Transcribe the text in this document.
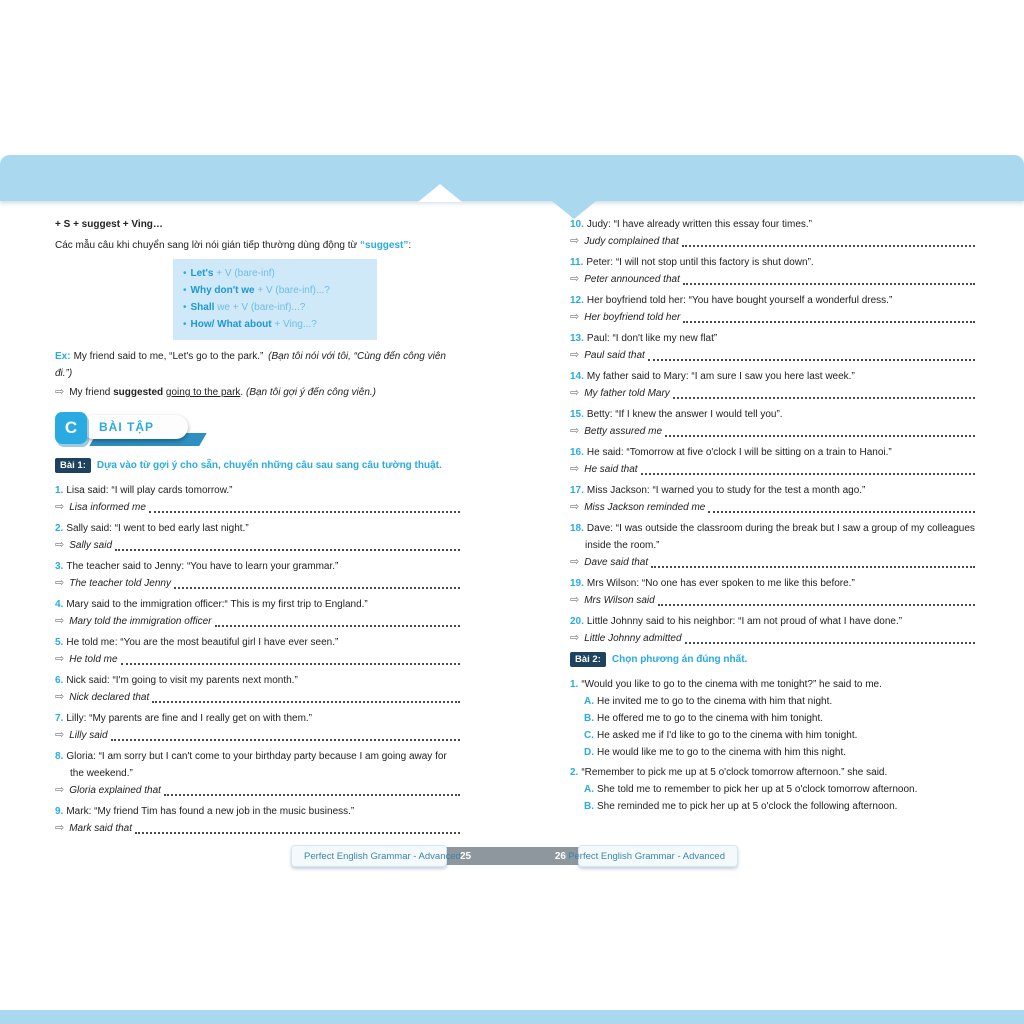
+ S + suggest + Ving…
Các mẫu câu khi chuyển sang lời nói gián tiếp thường dùng động từ “suggest”:
• Let's + V (bare-inf)
• Why don't we + V (bare-inf)...?
• Shall we + V (bare-inf)...?
• How/ What about + Ving...?
Ex: My friend said to me, “Let's go to the park.” (Bạn tôi nói với tôi, “Cùng đến công viên đi.”)
⇨ My friend suggested going to the park. (Bạn tôi gợi ý đến công viên.)
BÀI TẬP
C
Bài 1: Dựa vào từ gợi ý cho sẵn, chuyển những câu sau sang câu tường thuật.
1. Lisa said: “I will play cards tomorrow.”
⇨ Lisa informed me
2. Sally said: “I went to bed early last night.”
⇨ Sally said
3. The teacher said to Jenny: “You have to learn your grammar.”
⇨ The teacher told Jenny
4. Mary said to the immigration officer:“ This is my first trip to England.”
⇨ Mary told the immigration officer
5. He told me: “You are the most beautiful girl I have ever seen.”
⇨ He told me
6. Nick said: “I'm going to visit my parents next month.”
⇨ Nick declared that
7. Lilly: “My parents are fine and I really get on with them.”
⇨ Lilly said
8. Gloria: “I am sorry but I can't come to your birthday party because I am going away for the weekend.”
⇨ Gloria explained that
9. Mark: “My friend Tim has found a new job in the music business.”
⇨ Mark said that
10. Judy: “I have already written this essay four times.”
⇨ Judy complained that
11. Peter: “I will not stop until this factory is shut down”.
⇨ Peter announced that
12. Her boyfriend told her: “You have bought yourself a wonderful dress.”
⇨ Her boyfriend told her
13. Paul: “I don't like my new flat”
⇨ Paul said that
14. My father said to Mary: “I am sure I saw you here last week.”
⇨ My father told Mary
15. Betty: “If I knew the answer I would tell you”.
⇨ Betty assured me
16. He said: “Tomorrow at five o'clock I will be sitting on a train to Hanoi.”
⇨ He said that
17. Miss Jackson: “I warned you to study for the test a month ago.”
⇨ Miss Jackson reminded me
18. Dave: “I was outside the classroom during the break but I saw a group of my colleagues inside the room.”
⇨ Dave said that
19. Mrs Wilson: “No one has ever spoken to me like this before.”
⇨ Mrs Wilson said
20. Little Johnny said to his neighbor: “I am not proud of what I have done.”
⇨ Little Johnny admitted
Bài 2: Chọn phương án đúng nhất.
1. “Would you like to go to the cinema with me tonight?” he said to me.
A. He invited me to go to the cinema with him that night.
B. He offered me to go to the cinema with him tonight.
C. He asked me if I'd like to go to the cinema with him tonight.
D. He would like me to go to the cinema with him this night.
2. “Remember to pick me up at 5 o'clock tomorrow afternoon.” she said.
A. She told me to remember to pick her up at 5 o'clock tomorrow afternoon.
B. She reminded me to pick her up at 5 o'clock the following afternoon.
25	26
Perfect English Grammar - Advanced	Perfect English Grammar - Advanced
